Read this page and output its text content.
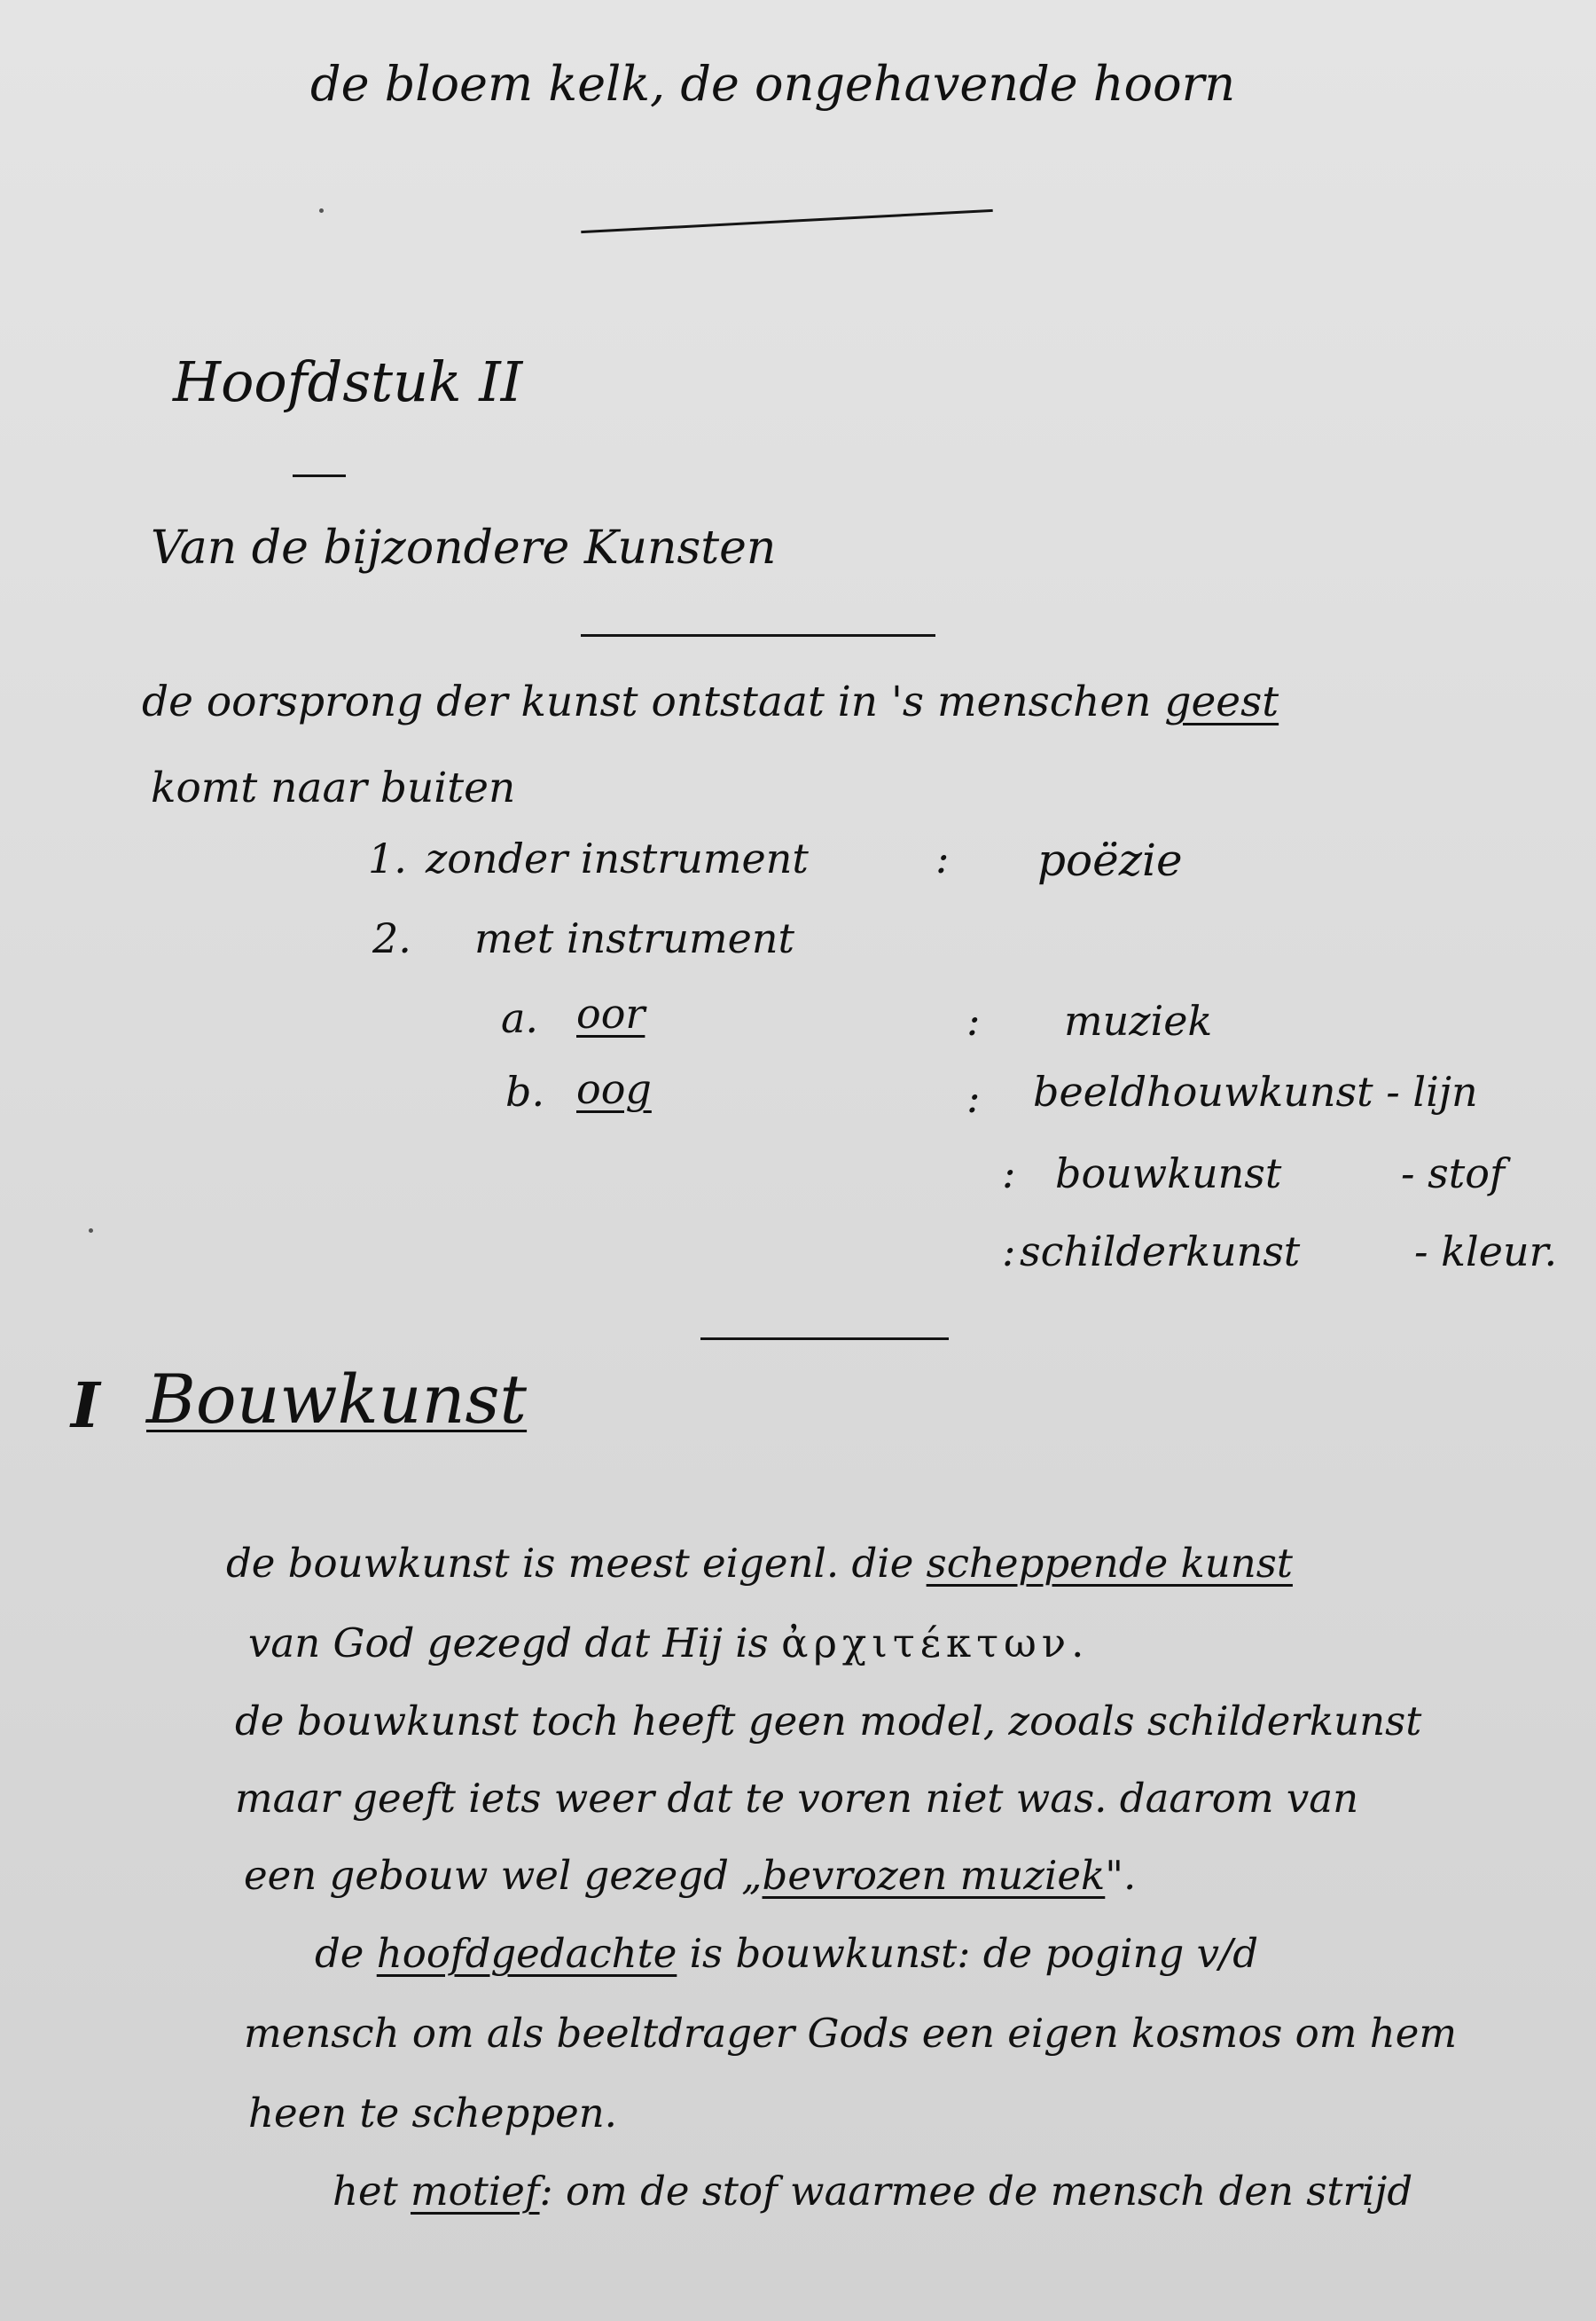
de bloem kelk, de ongehavende hoorn
Hoofdstuk II
Van de bijzondere Kunsten
de oorsprong der kunst ontstaat in 's menschen geest
komt naar buiten
1. zonder instrument	: poëzie
2. met instrument
a. oor	: muziek
b. oog	: beeldhouwkunst - lijn
: bouwkunst	- stof
: schilderkunst	- kleur.
I Bouwkunst
de bouwkunst is meest eigenl. die scheppende kunst
van God gezegd dat Hij is ἀρχιτέκτων.
de bouwkunst toch heeft geen model, zooals schilderkunst
maar geeft iets weer dat te voren niet was. daarom van
een gebouw wel gezegd „bevrozen muziek".
de hoofdgedachte is bouwkunst: de poging v/d
mensch om als beeltdrager Gods een eigen kosmos om hem
heen te scheppen.
het motief: om de stof waarmee de mensch den strijd
